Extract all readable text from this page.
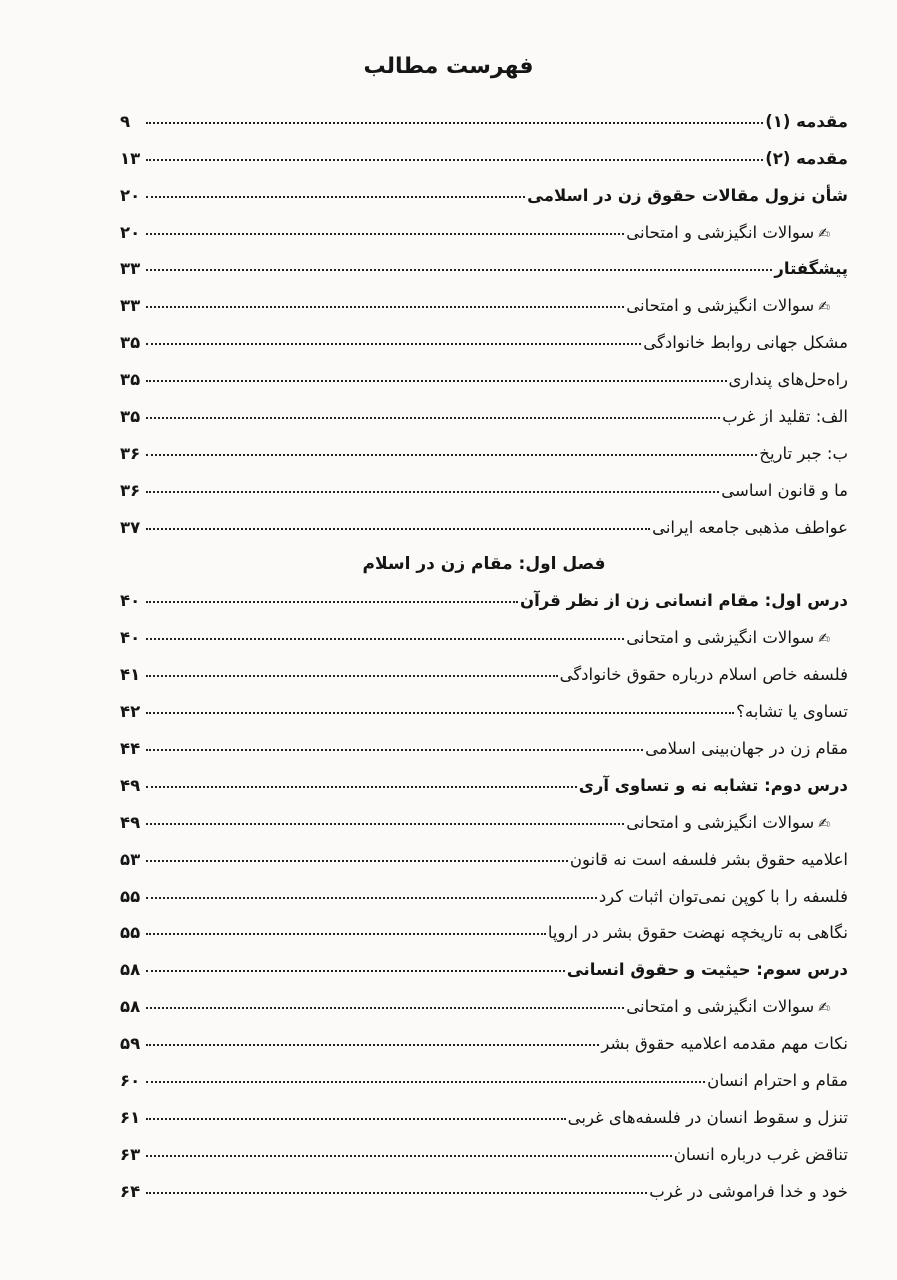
فهرست مطالب
مقدمه (۱)
۹
مقدمه (۲)
۱۳
شأن نزول مقالات حقوق زن در اسلامی
۲۰
✍سوالات انگیزشی و امتحانی
۲۰
پیشگفتار
۳۳
✍سوالات انگیزشی و امتحانی
۳۳
مشکل جهانی روابط خانوادگی
۳۵
راه‌حل‌های پنداری
۳۵
الف: تقلید از غرب
۳۵
ب: جبر تاریخ
۳۶
ما و قانون اساسی
۳۶
عواطف مذهبی جامعه ایرانی
۳۷
فصل اول: مقام زن در اسلام
درس اول: مقام انسانی زن از نظر قرآن
۴۰
✍سوالات انگیزشی و امتحانی
۴۰
فلسفه خاص اسلام درباره حقوق خانوادگی
۴۱
تساوی یا تشابه؟
۴۲
مقام زن در جهان‌بینی اسلامی
۴۴
درس دوم: تشابه نه و تساوی آری
۴۹
✍سوالات انگیزشی و امتحانی
۴۹
اعلامیه حقوق بشر فلسفه است نه قانون
۵۳
فلسفه را با کوپن نمی‌توان اثبات کرد
۵۵
نگاهی به تاریخچه نهضت حقوق بشر در اروپا
۵۵
درس سوم: حیثیت و حقوق انسانی
۵۸
✍سوالات انگیزشی و امتحانی
۵۸
نکات مهم مقدمه اعلامیه حقوق بشر
۵۹
مقام و احترام انسان
۶۰
تنزل و سقوط انسان در فلسفه‌های غربی
۶۱
تناقض غرب درباره انسان
۶۳
خود و خدا فراموشی در غرب
۶۴
